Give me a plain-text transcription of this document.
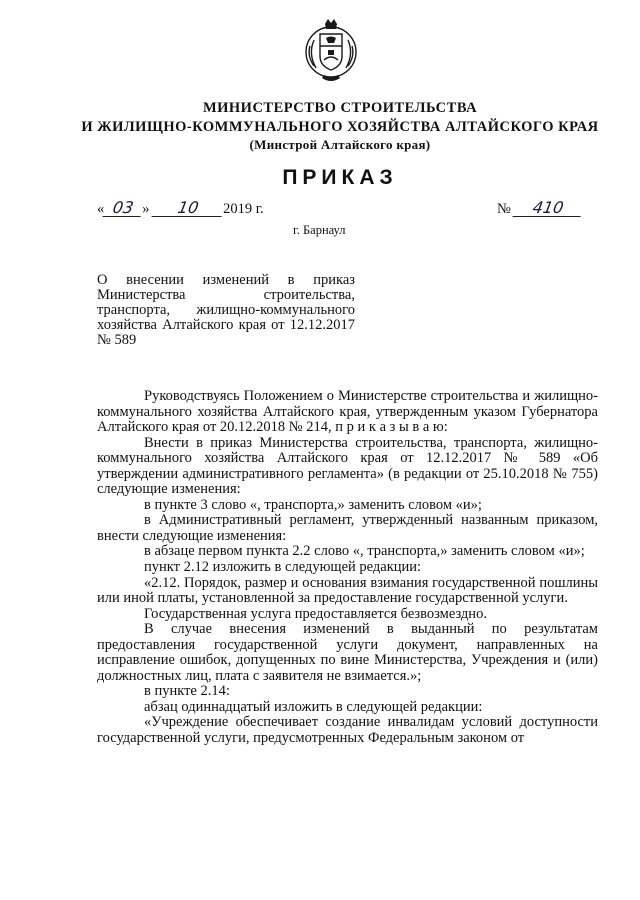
МИНИСТЕРСТВО СТРОИТЕЛЬСТВА
И ЖИЛИЩНО-КОММУНАЛЬНОГО ХОЗЯЙСТВА АЛТАЙСКОГО КРАЯ
(Минстрой Алтайского края)
ПРИКАЗ
« 03 » 10 2019 г.	№ 410
г. Барнаул
О внесении изменений в приказ Министерства строительства, транспорта, жилищно-коммунального хозяйства Алтайского края от 12.12.2017 № 589

Руководствуясь Положением о Министерстве строительства и жилищно-коммунального хозяйства Алтайского края, утвержденным указом Губернатора Алтайского края от 20.12.2018 № 214, п р и к а з ы в а ю:

Внести в приказ Министерства строительства, транспорта, жилищно-коммунального хозяйства Алтайского края от 12.12.2017 № 589 «Об утверждении административного регламента» (в редакции от 25.10.2018 № 755) следующие изменения:

в пункте 3 слово «, транспорта,» заменить словом «и»;

в Административный регламент, утвержденный названным приказом, внести следующие изменения:

в абзаце первом пункта 2.2 слово «, транспорта,» заменить словом «и»;

пункт 2.12 изложить в следующей редакции:

«2.12. Порядок, размер и основания взимания государственной пошлины или иной платы, установленной за предоставление государственной услуги.

Государственная услуга предоставляется безвозмездно.

В случае внесения изменений в выданный по результатам предоставления государственной услуги документ, направленных на исправление ошибок, допущенных по вине Министерства, Учреждения и (или) должностных лиц, плата с заявителя не взимается.»;

в пункте 2.14:

абзац одиннадцатый изложить в следующей редакции:

«Учреждение обеспечивает создание инвалидам условий доступности государственной услуги, предусмотренных Федеральным законом от
